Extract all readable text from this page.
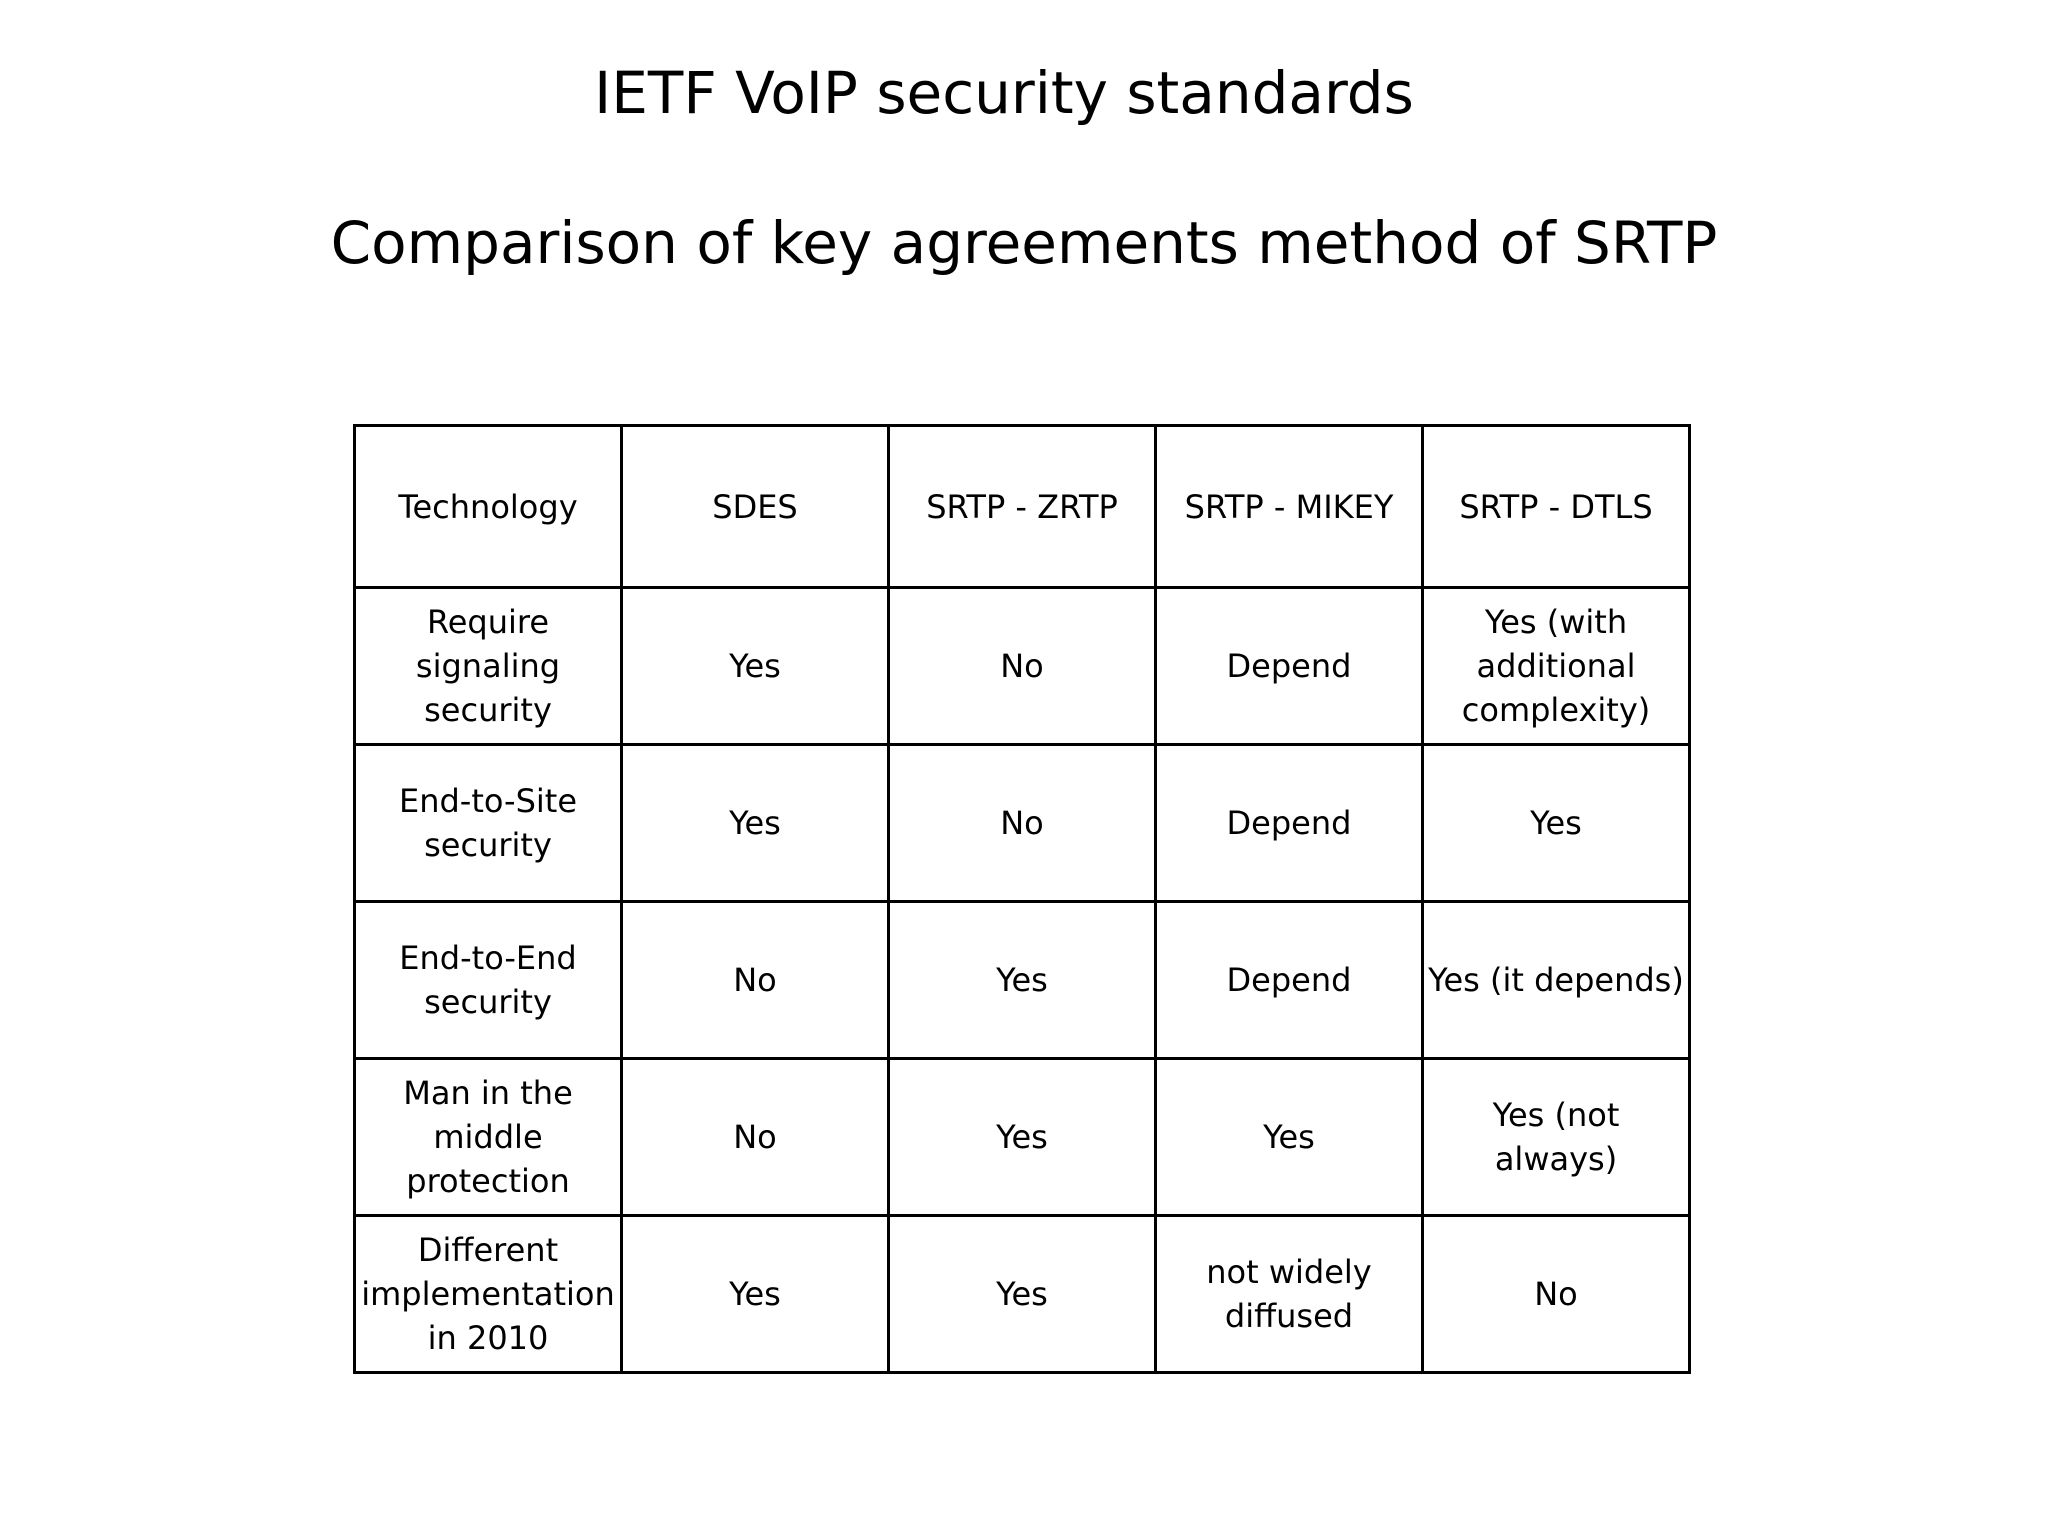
IETF VoIP security standards
Comparison of key agreements method of SRTP
Technology	SDES	SRTP - ZRTP	SRTP - MIKEY	SRTP - DTLS
Require signaling security	Yes	No	Depend	Yes (with additional complexity)
End-to-Site security	Yes	No	Depend	Yes
End-to-End security	No	Yes	Depend	Yes (it depends)
Man in the middle protection	No	Yes	Yes	Yes (not always)
Different implementation in 2010	Yes	Yes	not widely diffused	No
